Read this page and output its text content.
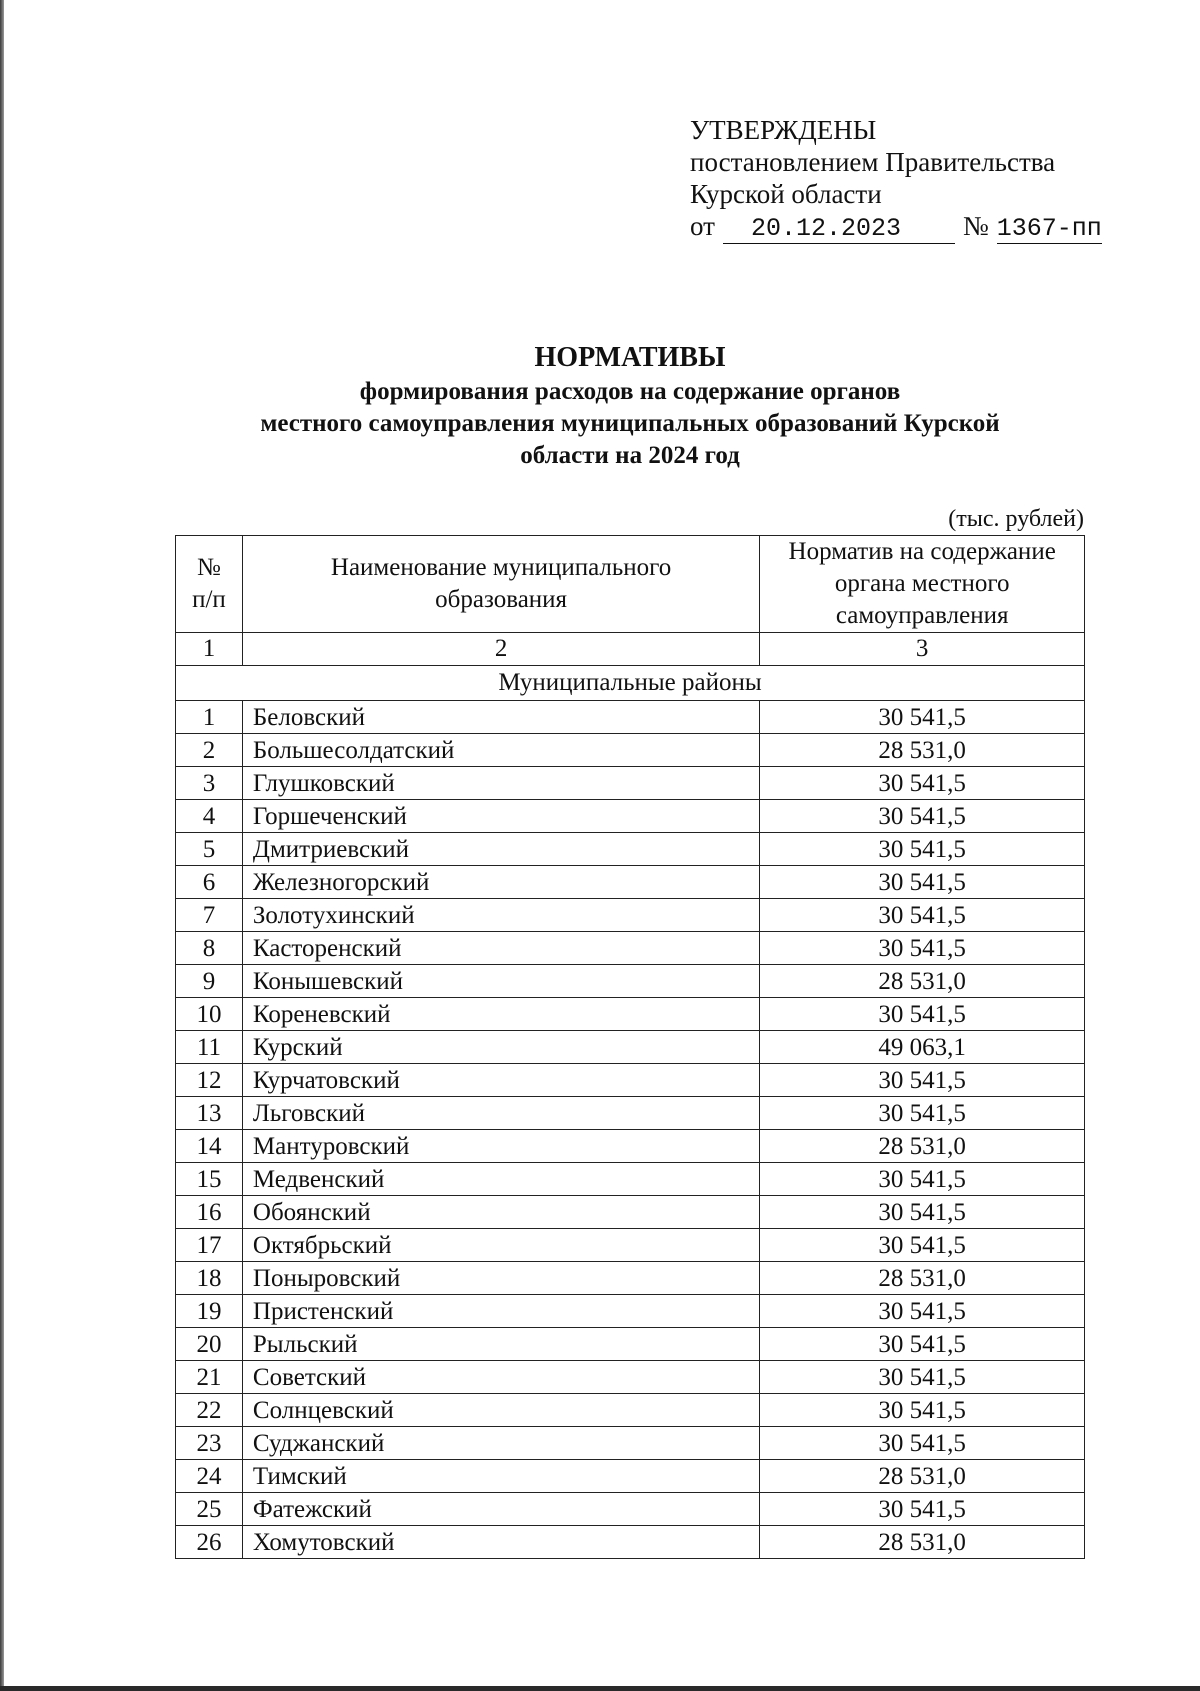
УТВЕРЖДЕНЫ
постановлением Правительства
Курской области
от 20.12.2023 № 1367-пп
НОРМАТИВЫ
формирования расходов на содержание органов
местного самоуправления муниципальных образований Курской
области на 2024 год
(тыс. рублей)
№
п/п	Наименование муниципального образования	Норматив на содержание органа местного самоуправления
1	2	3
Муниципальные районы		
1	Беловский	30 541,5
2	Большесолдатский	28 531,0
3	Глушковский	30 541,5
4	Горшеченский	30 541,5
5	Дмитриевский	30 541,5
6	Железногорский	30 541,5
7	Золотухинский	30 541,5
8	Касторенский	30 541,5
9	Конышевский	28 531,0
10	Кореневский	30 541,5
11	Курский	49 063,1
12	Курчатовский	30 541,5
13	Льговский	30 541,5
14	Мантуровский	28 531,0
15	Медвенский	30 541,5
16	Обоянский	30 541,5
17	Октябрьский	30 541,5
18	Поныровский	28 531,0
19	Пристенский	30 541,5
20	Рыльский	30 541,5
21	Советский	30 541,5
22	Солнцевский	30 541,5
23	Суджанский	30 541,5
24	Тимский	28 531,0
25	Фатежский	30 541,5
26	Хомутовский	28 531,0
